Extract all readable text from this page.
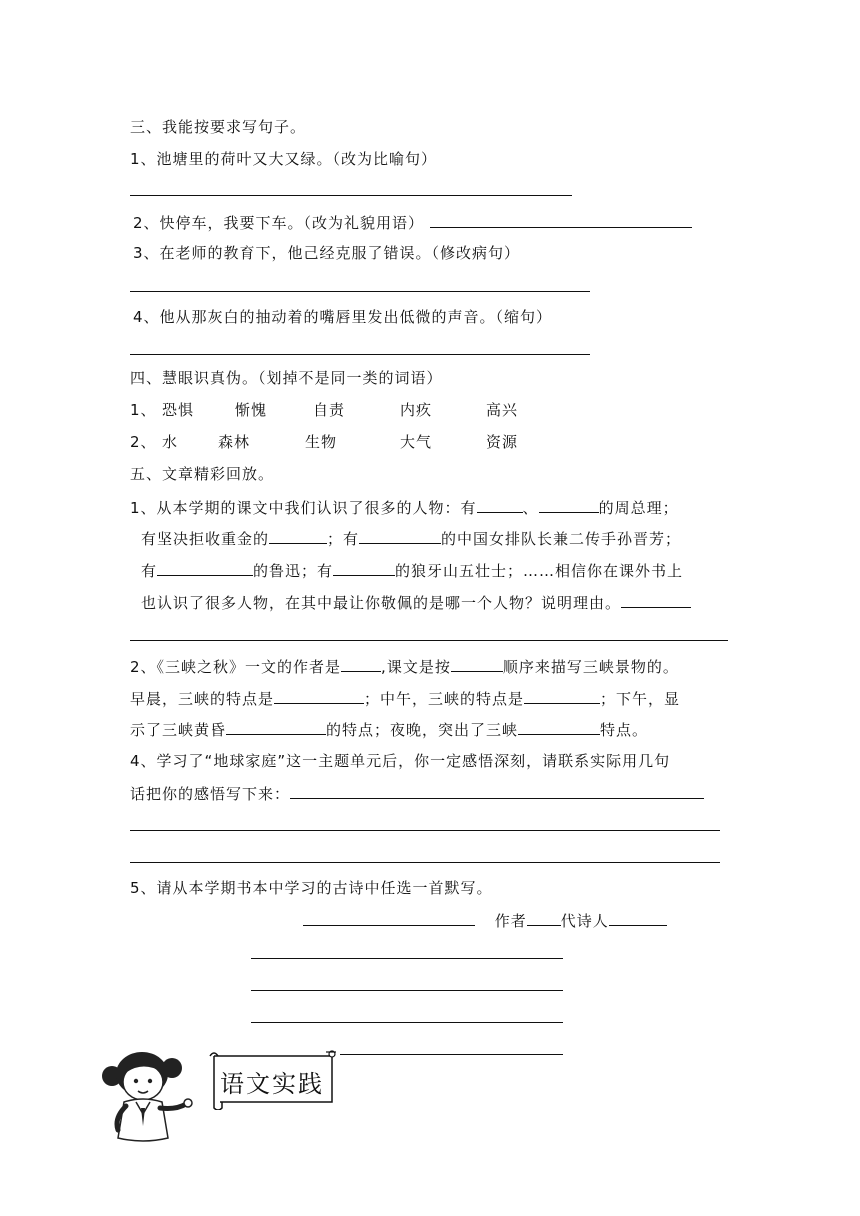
三、我能按要求写句子。
1、池塘里的荷叶又大又绿。（改为比喻句）
2、快停车，我要下车。（改为礼貌用语）
3、在老师的教育下，他己经克服了错误。（修改病句）
4、他从那灰白的抽动着的嘴唇里发出低微的声音。（缩句）
四、慧眼识真伪。（划掉不是同一类的词语）
1、 恐惧	惭愧	自责	内疚	高兴
2、 水	森林	生物	大气	资源
五、文章精彩回放。
1、从本学期的课文中我们认识了很多的人物：有	、	的周总理；
有坚决拒收重金的	；有	的中国女排队长兼二传手孙晋芳；
有	的鲁迅；有	的狼牙山五壮士；……相信你在课外书上
也认识了很多人物，在其中最让你敬佩的是哪一个人物？说明理由。
2、《三峡之秋》一文的作者是	,课文是按	顺序来描写三峡景物的。
早晨，三峡的特点是	；中午，三峡的特点是	；下午，显
示了三峡黄昏	的特点；夜晚，突出了三峡	特点。
4、学习了“地球家庭”这一主题单元后，你一定感悟深刻，请联系实际用几句
话把你的感悟写下来：
5、请从本学期书本中学习的古诗中任选一首默写。
作者 代诗人
语文实践
